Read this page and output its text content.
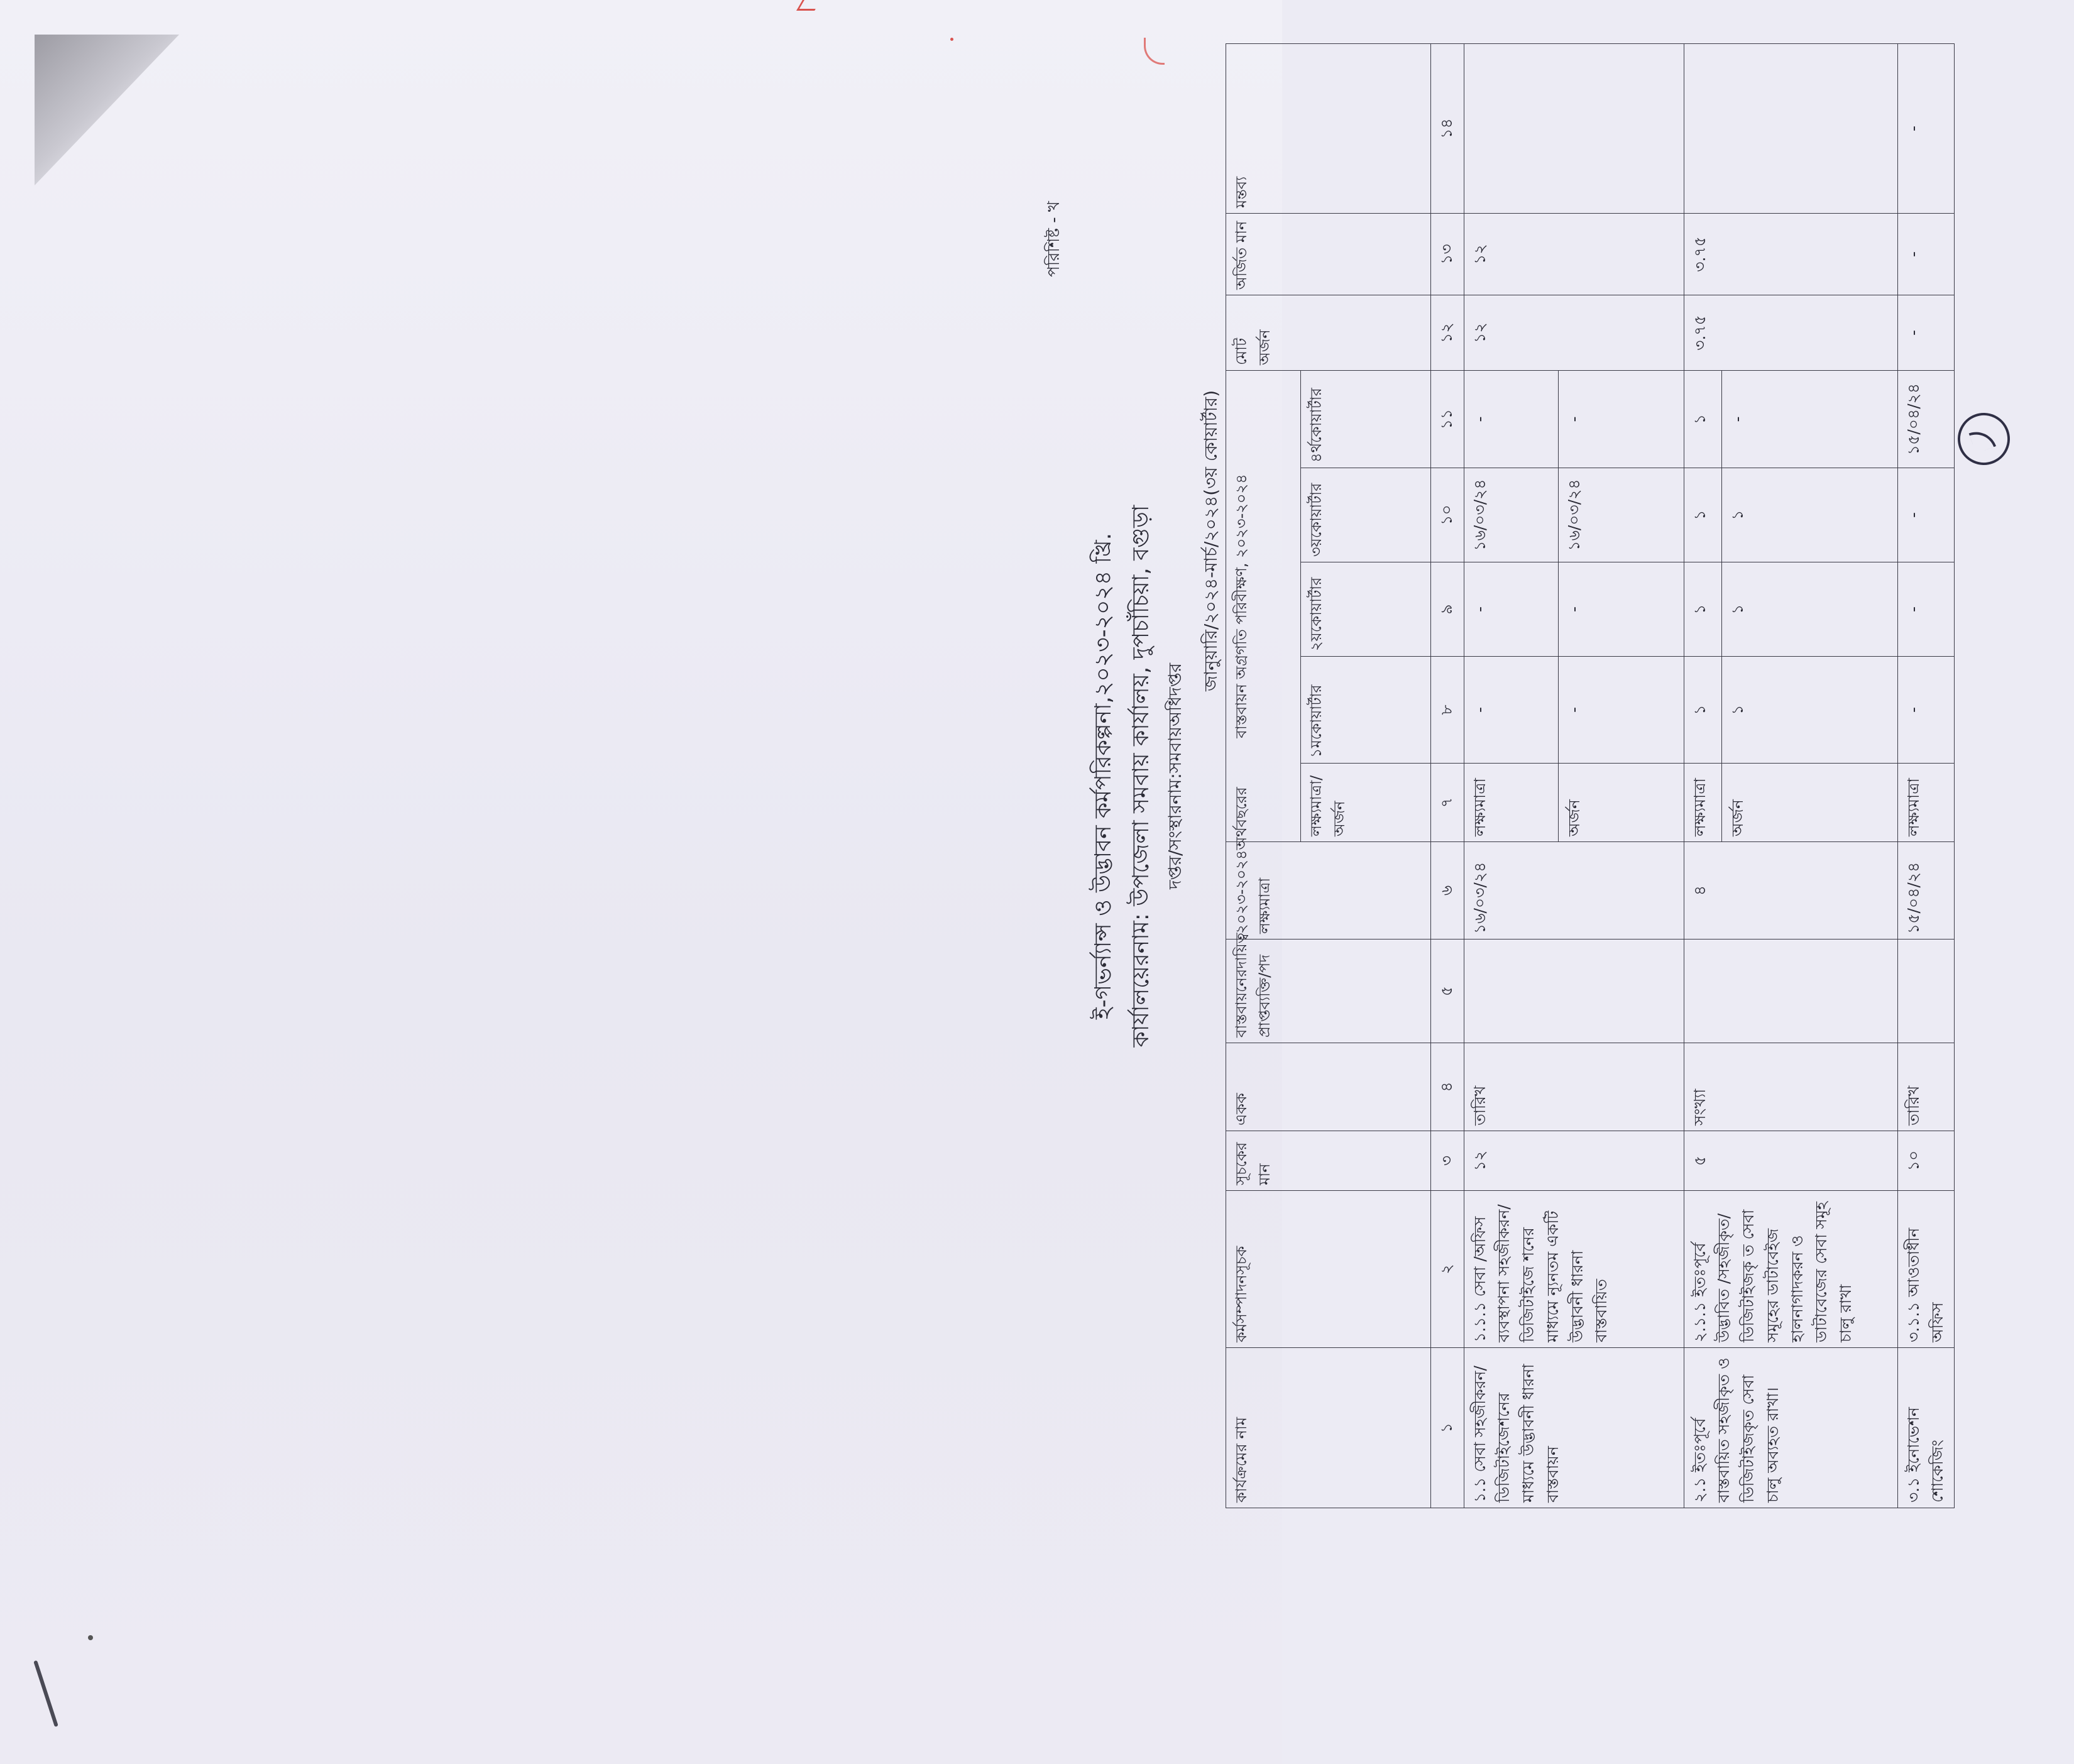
পরিশিষ্ট - খ
ই-গভর্ন্যান্স ও উদ্ভাবন কর্মপরিকল্পনা,২০২৩-২০২৪ খ্রি. কার্যালয়েরনাম: উপজেলা সমবায় কার্যালয়, দুপচাঁচিয়া, বগুড়া দপ্তর/সংস্থারনাম:সমবায়অধিদপ্তর
জানুয়ারি/২০২৪-মার্চ/২০২৪(৩য় কোয়ার্টার)
কার্যক্রমের নাম	কর্মসম্পাদনসূচক	সূচকের মান	একক	বাস্তবায়নেরদায়িত্ব প্রাপ্তব্যক্তি/পদ	২০২৩-২০২৪অর্থবছরের লক্ষ্যমাত্রা	বাস্তবায়ন অগ্রগতি পরিবীক্ষণ, ২০২৩-২০২৪					মোট অর্জন	অর্জিত মান	মন্তব্য
						লক্ষ্যমাত্রা/অর্জন	১মকোয়ার্টার	২য়কোয়ার্টার	৩য়কোয়ার্টার	৪র্থকোয়ার্টার			
১	২	৩	৪	৫	৬	৭	৮	৯	১০	১১	১২	১৩	১৪
১.১ সেবা সহজীকরন/ ডিজিটাইজেশনের মাধ্যমে উদ্ভাবনী ধারনা বাস্তবায়ন	১.১.১ সেবা /অফিস ব্যবস্থাপনা সহজীকরন/ডিজিটাইজে শনের মাধ্যমে ন্যূনতম একটি উদ্ভাবনী ধারনা বাস্তবায়িত	১২	তারিখ		১৬/০৩/২৪	লক্ষ্যমাত্রা	-	-	১৬/০৩/২৪	-	১২	১২	
						অর্জন	-	-	১৬/০৩/২৪	-			
২.১ ইতঃপূর্বে বাস্তবায়িত সহজীকৃত ও ডিজিটাইজকৃত সেবা চালু অব্যহত রাখা।	২.১.১ ইতঃপূর্বে উদ্ভাবিত /সহজীকৃত/ডিজিটাইজকৃ ত সেবা সমূহের ডাটাবেইজ হালনাগাদকরন ও ডাটাবেজের সেবা সমূহ চালু রাখা	৫	সংখ্যা		৪	লক্ষ্যমাত্রা	১	১	১	১	৩.৭৫	৩.৭৫	
						অর্জন	১	১	১	-			
৩.১ ইনোভেশন শোকেজিং	৩.১.১ আওতাধীন অফিস	১০	তারিখ		১৫/০৪/২৪	লক্ষ্যমাত্রা	-	-	-	১৫/০৪/২৪	-	-	-
